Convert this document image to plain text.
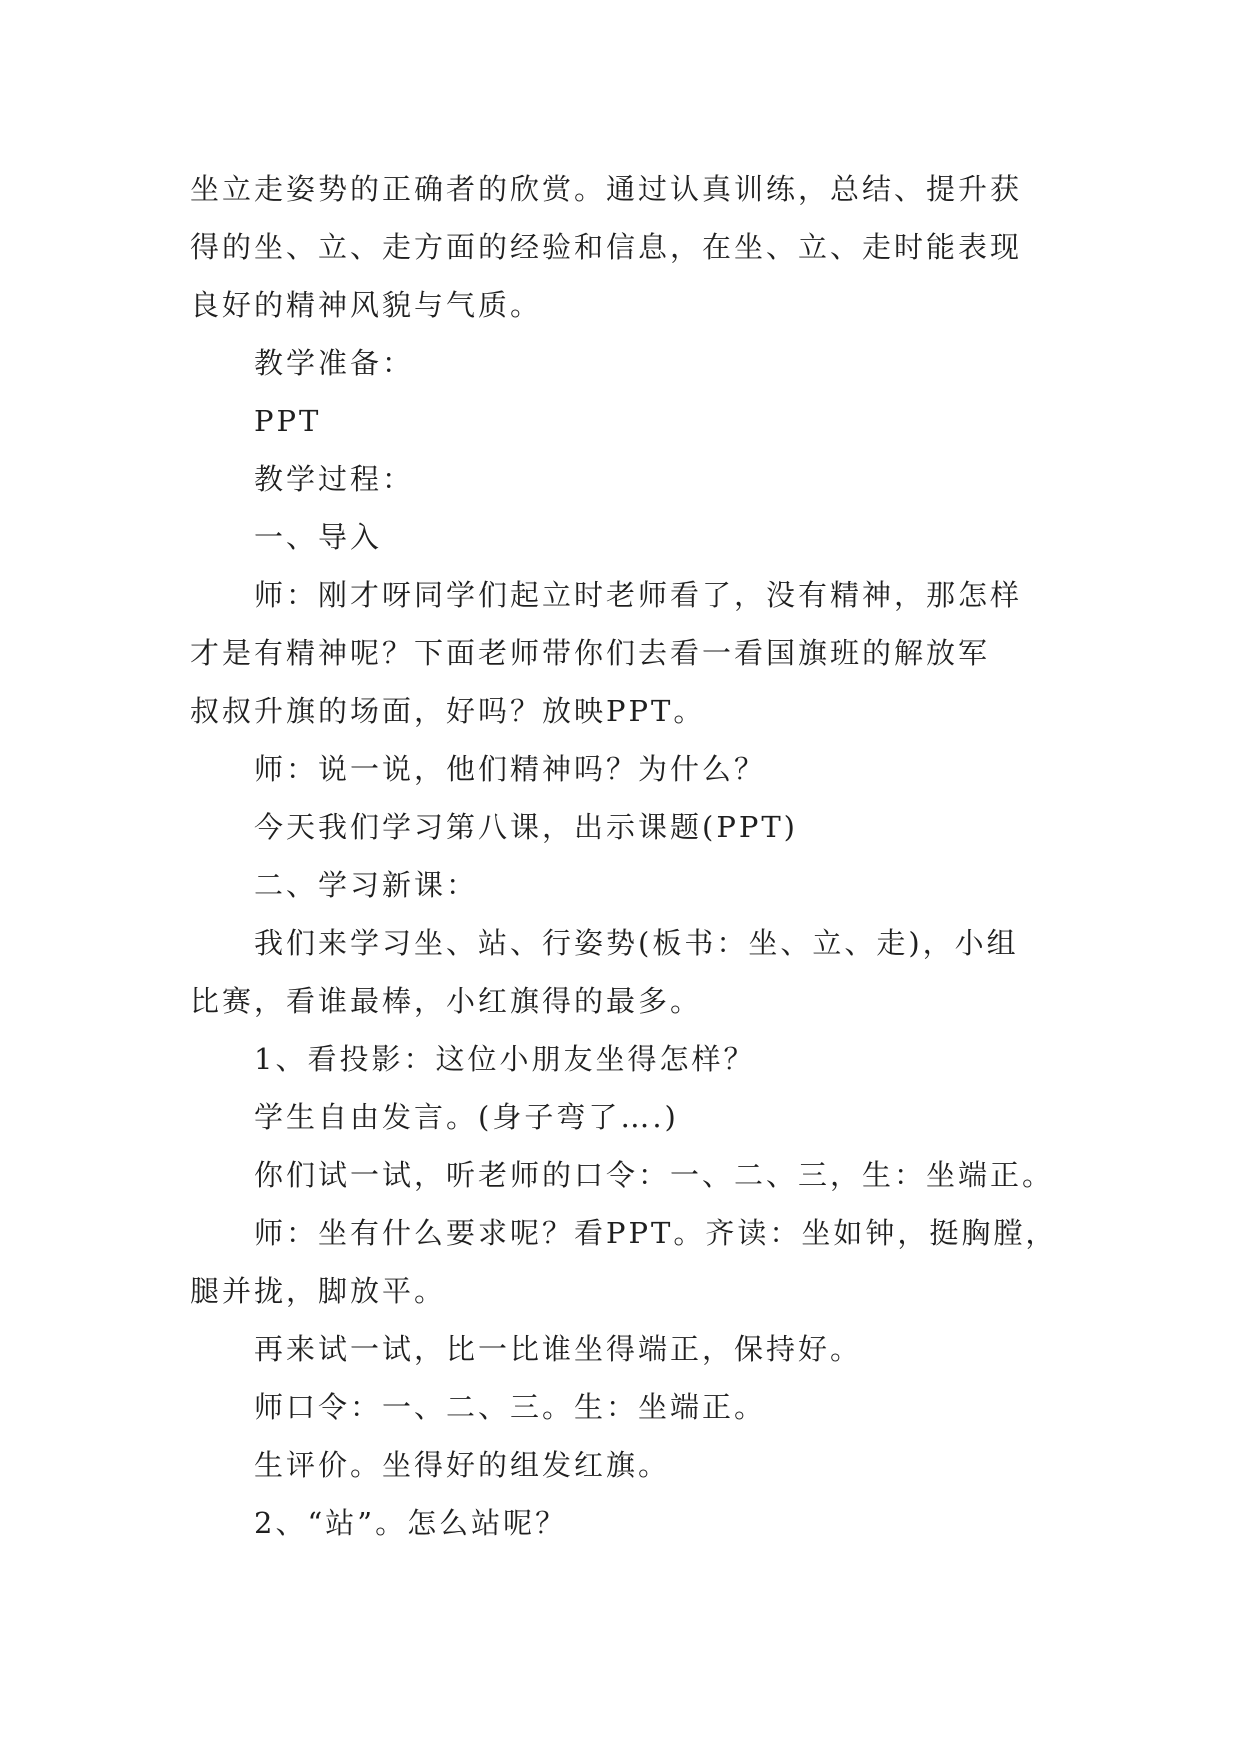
坐立走姿势的正确者的欣赏。通过认真训练，总结、提升获
得的坐、立、走方面的经验和信息，在坐、立、走时能表现
良好的精神风貌与气质。
教学准备：
PPT
教学过程：
一、导入
师：刚才呀同学们起立时老师看了，没有精神，那怎样
才是有精神呢？下面老师带你们去看一看国旗班的解放军
叔叔升旗的场面，好吗？放映PPT。
师：说一说，他们精神吗？为什么？
今天我们学习第八课，出示课题(PPT)
二、学习新课：
我们来学习坐、站、行姿势(板书：坐、立、走)，小组
比赛，看谁最棒，小红旗得的最多。
1、看投影：这位小朋友坐得怎样？
学生自由发言。(身子弯了….)
你们试一试，听老师的口令：一、二、三，生：坐端正。
师：坐有什么要求呢？看PPT。齐读：坐如钟，挺胸膛，
腿并拢，脚放平。
再来试一试，比一比谁坐得端正，保持好。
师口令：一、二、三。生：坐端正。
生评价。坐得好的组发红旗。
2、“站”。怎么站呢？
